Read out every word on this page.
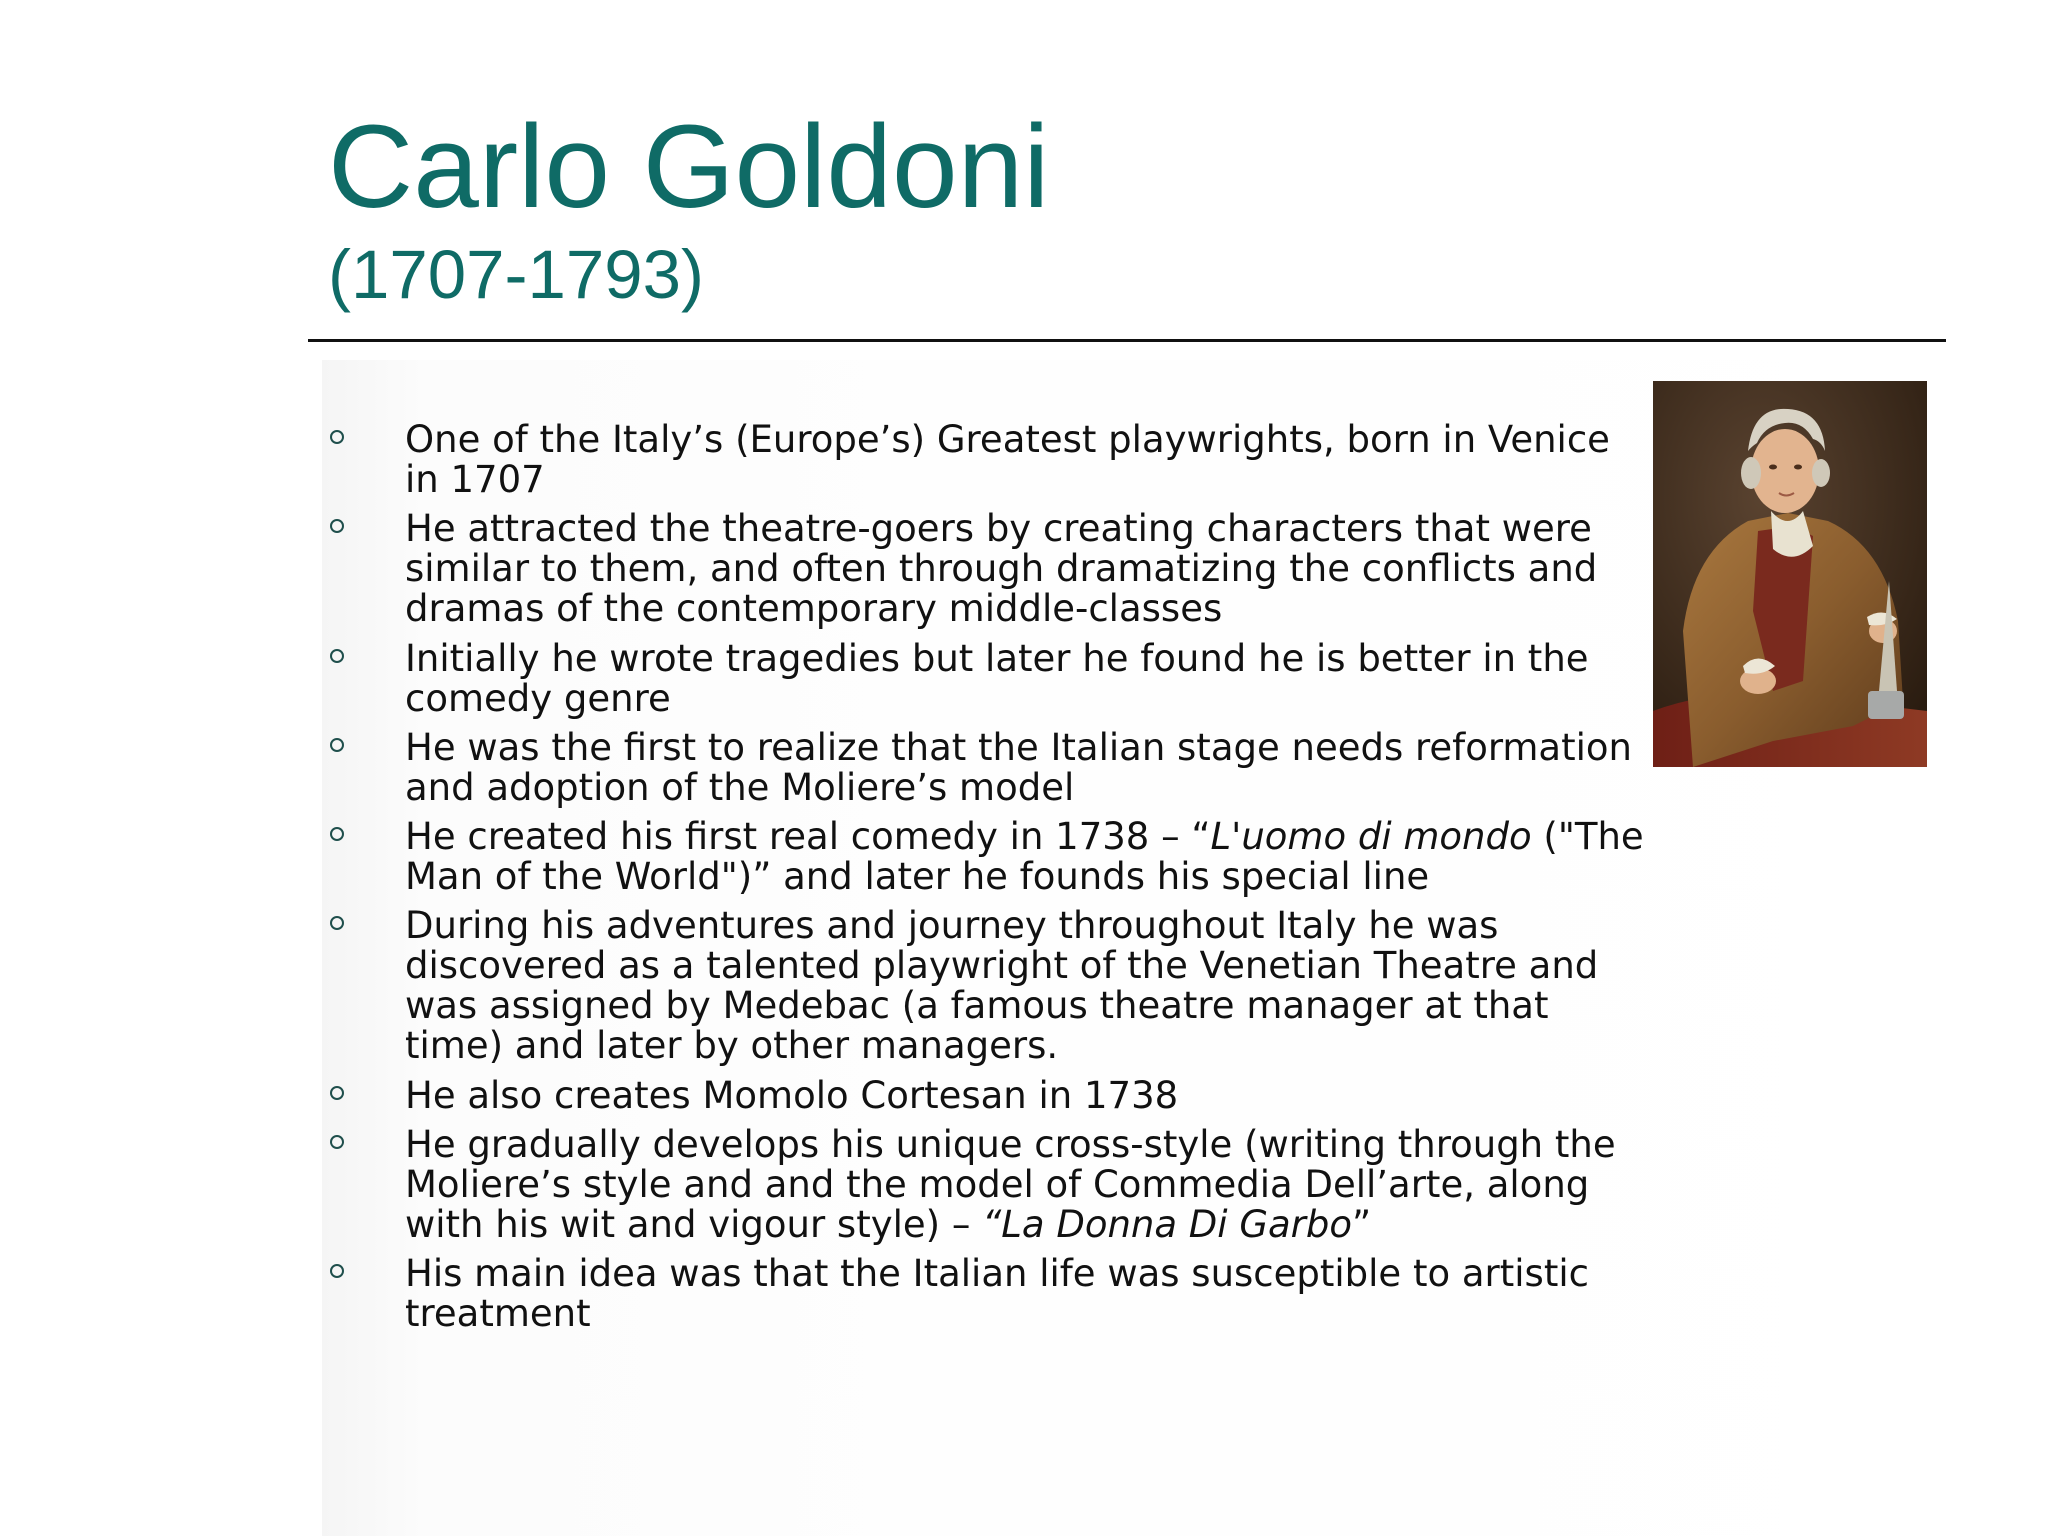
Carlo Goldoni
(1707-1793)

One of the Italy’s (Europe’s) Greatest playwrights, born in Venice in 1707

He attracted the theatre-goers by creating characters that were similar to them, and often through dramatizing the conflicts and dramas of the contemporary middle-classes

Initially he wrote tragedies but later he found he is better in the comedy genre

He was the first to realize that the Italian stage needs reformation and adoption of the Moliere’s model

He created his first real comedy in 1738 – “L'uomo di mondo ("The Man of the World")” and later he founds his special line

During his adventures and journey throughout Italy he was discovered as a talented playwright of the Venetian Theatre and was assigned by Medebac (a famous theatre manager at that time) and later by other managers.

He also creates Momolo Cortesan in 1738

He gradually develops his unique cross-style (writing through the Moliere’s style and and the model of Commedia Dell’arte, along with his wit and vigour style) – “La Donna Di Garbo”

His main idea was that the Italian life was susceptible to artistic treatment
